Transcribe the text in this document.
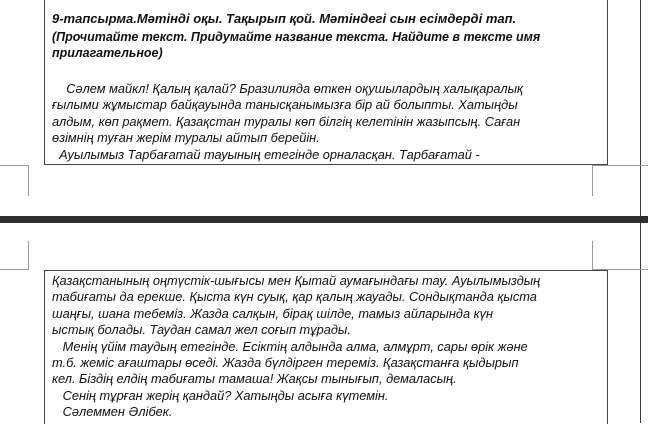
9-тапсырма.Мәтінді оқы. Тақырып қой. Мәтіндегі сын есімдерді тап.
(Прочитайте текст. Придумайте название текста. Найдите в тексте имя
прилагательное)
Сәлем майкл! Қалың қалай? Бразилияда өткен оқушылардың халықаралық
ғылыми жұмыстар байқауында танысқанымызға бір ай болыпты. Хатыңды
алдым, көп рақмет. Қазақстан туралы көп білгің келетінін жазыпсың. Саған
өзімнің туған жерім туралы айтып берейін.
Ауылымыз Тарбағатай тауының етегінде орналасқан. Тарбағатай -
Қазақстанының оңтүстік-шығысы мен Қытай аумағындағы тау. Ауылымыздың
табиғаты да ерекше. Қыста күн суық, қар қалың жауады. Сондықтанда қыста
шаңғы, шана тебеміз. Жазда салқын, бірақ шілде, тамыз айларында күн
ыстық болады. Таудан самал жел соғып тұрады.
Менің үйім таудың етегінде. Есіктің алдында алма, алмұрт, сары өрік және
т.б. жеміс ағаштары өседі. Жазда бүлдірген тереміз. Қазақстанға қыдырып
кел. Біздің елдің табиғаты тамаша! Жақсы тынығып, демаласың.
Сенің тұрған жерің қандай? Хатыңды асыға күтемін.
Сәлеммен Әлібек.
